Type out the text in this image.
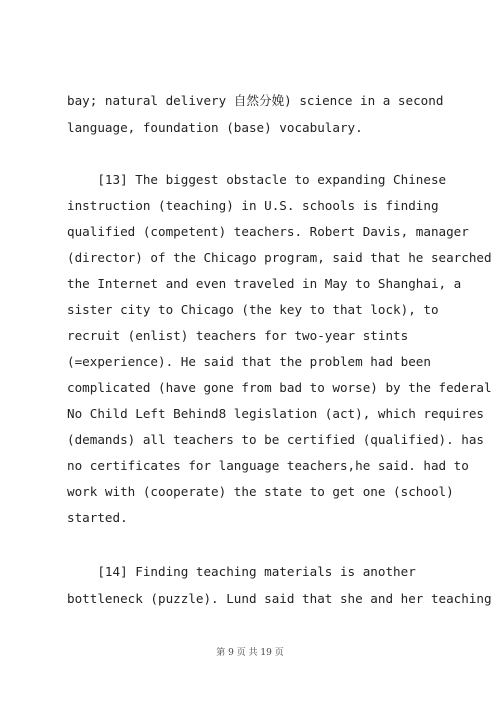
bay; natural delivery 自然分娩) science in a second
language, foundation (base) vocabulary.
[13] The biggest obstacle to expanding Chinese
instruction (teaching) in U.S. schools is finding
qualified (competent) teachers. Robert Davis, manager
(director) of the Chicago program, said that he searched
the Internet and even traveled in May to Shanghai, a
sister city to Chicago (the key to that lock), to
recruit (enlist) teachers for two-year stints
(=experience). He said that the problem had been
complicated (have gone from bad to worse) by the federal
No Child Left Behind8 legislation (act), which requires
(demands) all teachers to be certified (qualified). has
no certificates for language teachers,he said. had to
work with (cooperate) the state to get one (school)
started.
[14] Finding teaching materials is another
bottleneck (puzzle). Lund said that she and her teaching
第 9 页 共 19 页
